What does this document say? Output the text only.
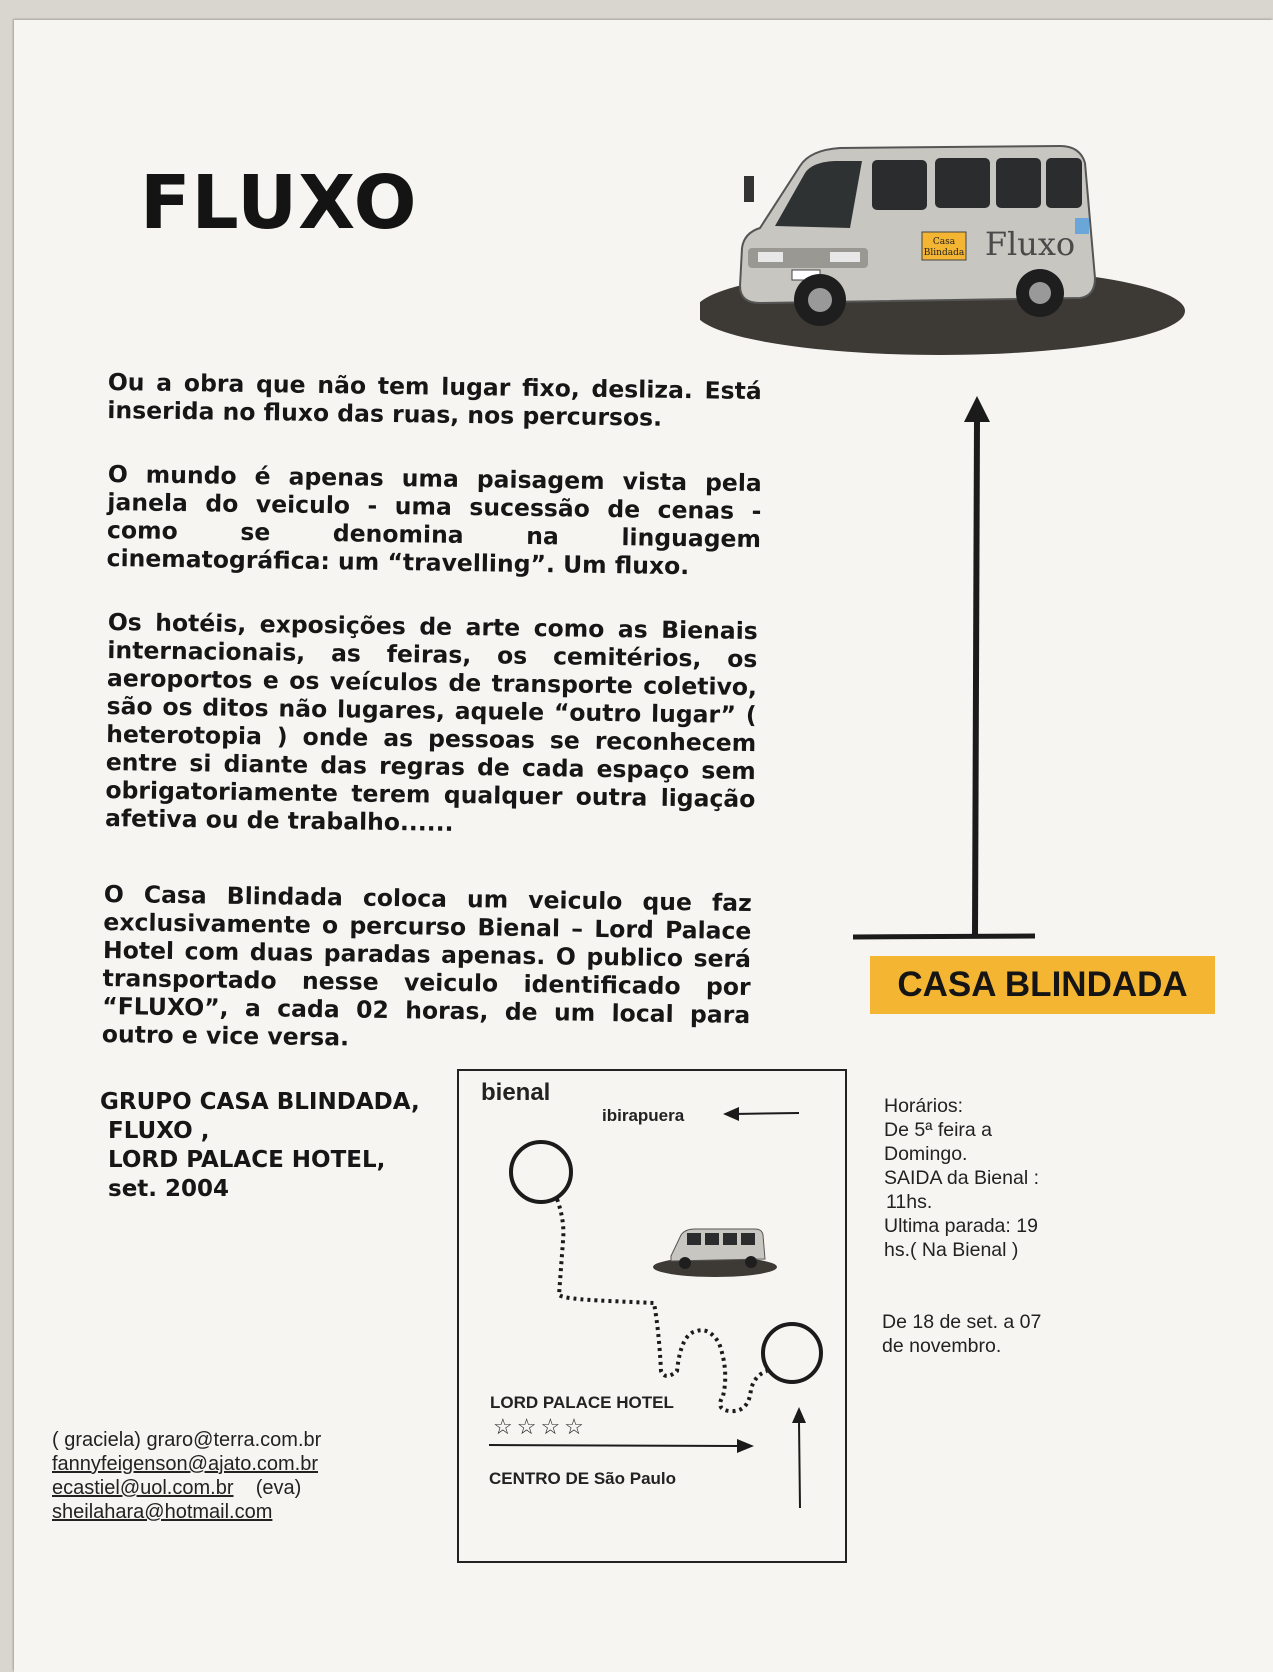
FLUXO	Casa
Blindada Fluxo
Ou a obra que não tem lugar fixo, desliza. Está inserida no fluxo das ruas, nos percursos.
O mundo é apenas uma paisagem vista pela janela do veiculo - uma sucessão de cenas - como se denomina na linguagem cinematográfica: um “travelling”. Um fluxo.
Os hotéis, exposições de arte como as Bienais internacionais, as feiras, os cemitérios, os aeroportos e os veículos de transporte coletivo, são os ditos não lugares, aquele “outro lugar” ( heterotopia ) onde as pessoas se reconhecem entre si diante das regras de cada espaço sem obrigatoriamente terem qualquer outra ligação afetiva ou de trabalho......
O Casa Blindada coloca um veiculo que faz exclusivamente o percurso Bienal – Lord Palace Hotel com duas paradas apenas. O publico será transportado nesse veiculo identificado por “FLUXO”, a cada 02 horas, de um local para outro e vice versa.
GRUPO CASA BLINDADA,
FLUXO ,
LORD PALACE HOTEL,
set. 2004
( graciela) graro@terra.com.br
fannyfeigenson@ajato.com.br
ecastiel@uol.com.br (eva)
sheilahara@hotmail.com
CASA BLINDADA
Horários:
De 5ª feira a
Domingo.
SAIDA da Bienal :
11hs.
Ultima parada: 19
hs.( Na Bienal )
De 18 de set. a 07
de novembro.
bienal
ibirapuera
LORD PALACE HOTEL
☆☆☆☆
CENTRO DE São Paulo
